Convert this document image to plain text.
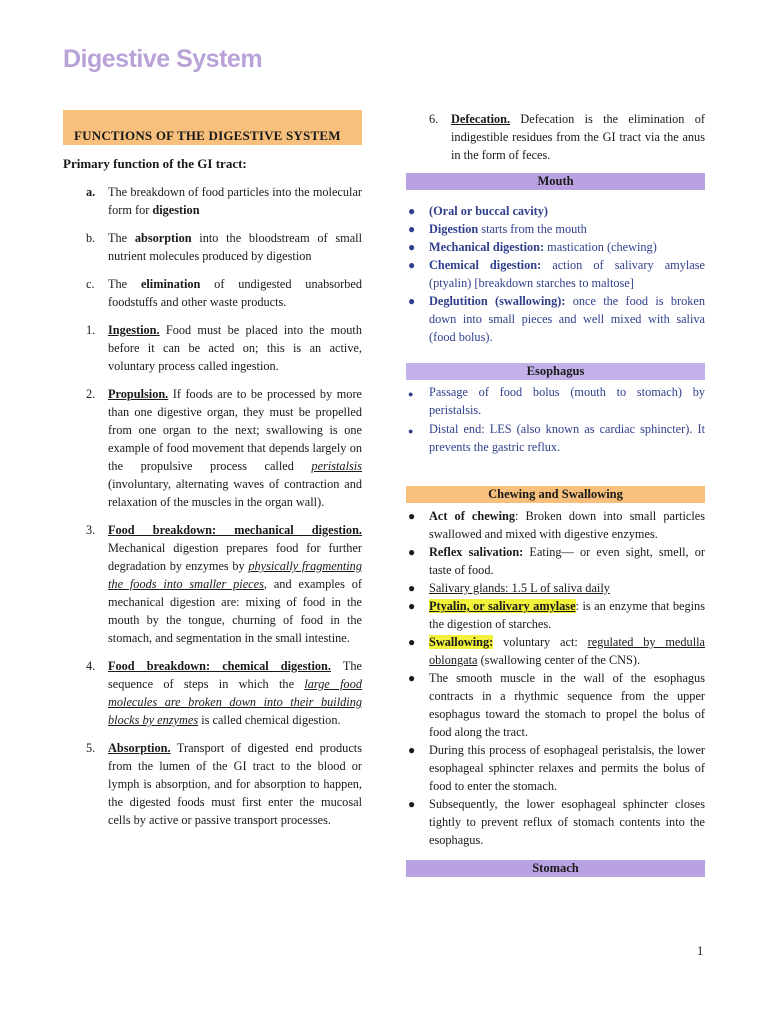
Digestive System
FUNCTIONS OF THE DIGESTIVE SYSTEM
Primary function of the GI tract:
a. The breakdown of food particles into the molecular form for digestion
b. The absorption into the bloodstream of small nutrient molecules produced by digestion
c. The elimination of undigested unabsorbed foodstuffs and other waste products.
1. Ingestion. Food must be placed into the mouth before it can be acted on; this is an active, voluntary process called ingestion.
2. Propulsion. If foods are to be processed by more than one digestive organ, they must be propelled from one organ to the next; swallowing is one example of food movement that depends largely on the propulsive process called peristalsis (involuntary, alternating waves of contraction and relaxation of the muscles in the organ wall).
3. Food breakdown: mechanical digestion. Mechanical digestion prepares food for further degradation by enzymes by physically fragmenting the foods into smaller pieces, and examples of mechanical digestion are: mixing of food in the mouth by the tongue, churning of food in the stomach, and segmentation in the small intestine.
4. Food breakdown: chemical digestion. The sequence of steps in which the large food molecules are broken down into their building blocks by enzymes is called chemical digestion.
5. Absorption. Transport of digested end products from the lumen of the GI tract to the blood or lymph is absorption, and for absorption to happen, the digested foods must first enter the mucosal cells by active or passive transport processes.
6. Defecation. Defecation is the elimination of indigestible residues from the GI tract via the anus in the form of feces.
Mouth
● (Oral or buccal cavity)
● Digestion starts from the mouth
● Mechanical digestion: mastication (chewing)
● Chemical digestion: action of salivary amylase (ptyalin) [breakdown starches to maltose]
● Deglutition (swallowing): once the food is broken down into small pieces and well mixed with saliva (food bolus).
Esophagus
● Passage of food bolus (mouth to stomach) by peristalsis.
● Distal end: LES (also known as cardiac sphincter). It prevents the gastric reflux.
Chewing and Swallowing
● Act of chewing: Broken down into small particles swallowed and mixed with digestive enzymes.
● Reflex salivation: Eating— or even sight, smell, or taste of food.
● Salivary glands: 1.5 L of saliva daily
● Ptyalin, or salivary amylase: is an enzyme that begins the digestion of starches.
● Swallowing: voluntary act: regulated by medulla oblongata (swallowing center of the CNS).
● The smooth muscle in the wall of the esophagus contracts in a rhythmic sequence from the upper esophagus toward the stomach to propel the bolus of food along the tract.
● During this process of esophageal peristalsis, the lower esophageal sphincter relaxes and permits the bolus of food to enter the stomach.
● Subsequently, the lower esophageal sphincter closes tightly to prevent reflux of stomach contents into the esophagus.
Stomach
1
